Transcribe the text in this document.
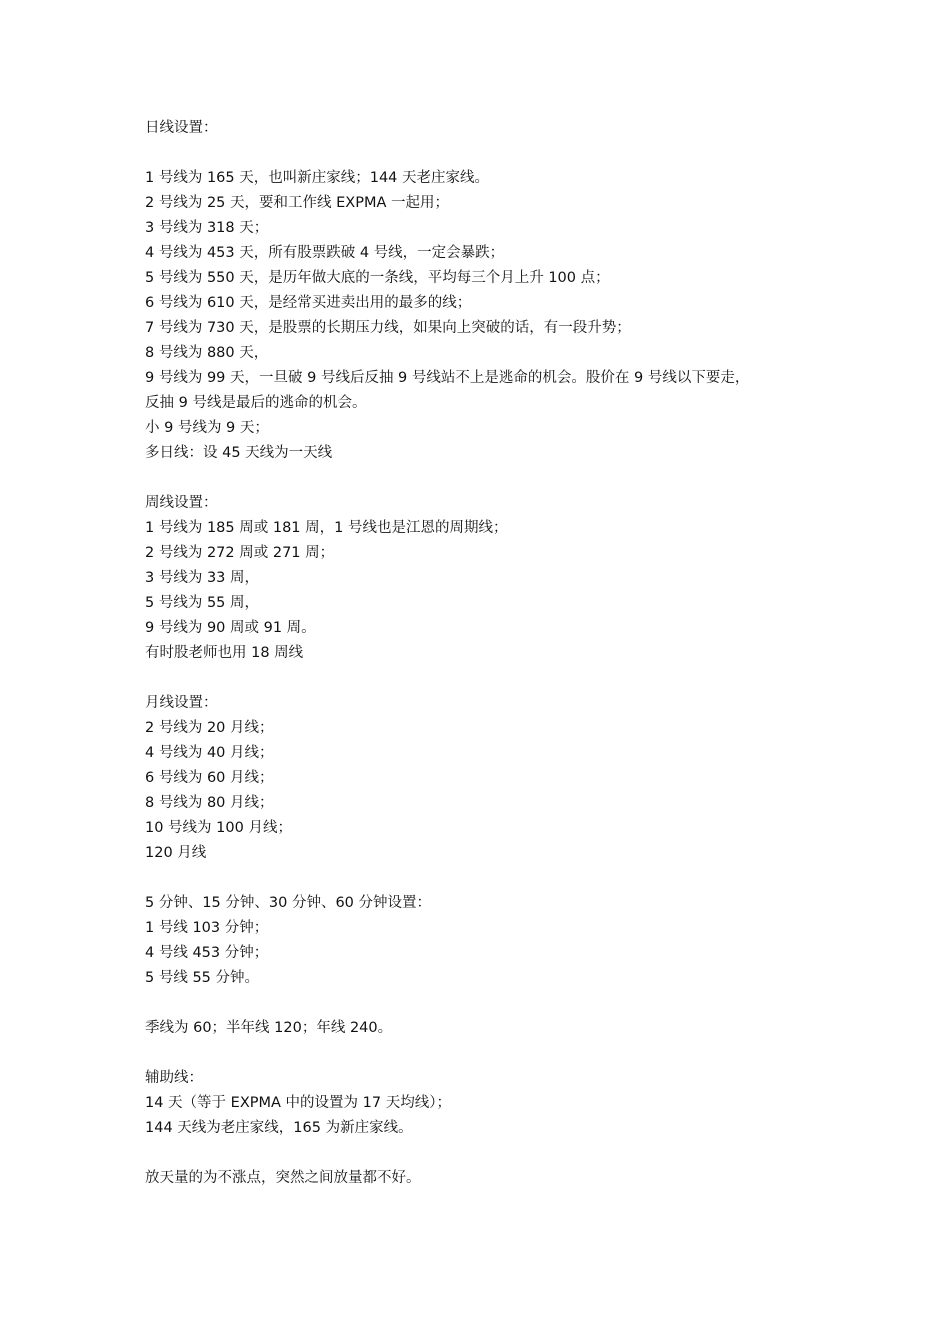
日线设置：
1 号线为 165 天，也叫新庄家线；144 天老庄家线。
2 号线为 25 天，要和工作线 EXPMA 一起用；
3 号线为 318 天；
4 号线为 453 天，所有股票跌破 4 号线，一定会暴跌；
5 号线为 550 天，是历年做大底的一条线，平均每三个月上升 100 点；
6 号线为 610 天，是经常买进卖出用的最多的线；
7 号线为 730 天，是股票的长期压力线，如果向上突破的话，有一段升势；
8 号线为 880 天，
9 号线为 99 天，一旦破 9 号线后反抽 9 号线站不上是逃命的机会。股价在 9 号线以下要走，
反抽 9 号线是最后的逃命的机会。
小 9 号线为 9 天；
多日线：设 45 天线为一天线
周线设置：
1 号线为 185 周或 181 周，1 号线也是江恩的周期线；
2 号线为 272 周或 271 周；
3 号线为 33 周，
5 号线为 55 周，
9 号线为 90 周或 91 周。
有时股老师也用 18 周线
月线设置：
2 号线为 20 月线；
4 号线为 40 月线；
6 号线为 60 月线；
8 号线为 80 月线；
10 号线为 100 月线；
120 月线
5 分钟、15 分钟、30 分钟、60 分钟设置：
1 号线 103 分钟；
4 号线 453 分钟；
5 号线 55 分钟。
季线为 60；半年线 120；年线 240。
辅助线：
14 天（等于 EXPMA 中的设置为 17 天均线）；
144 天线为老庄家线，165 为新庄家线。
放天量的为不涨点，突然之间放量都不好。
